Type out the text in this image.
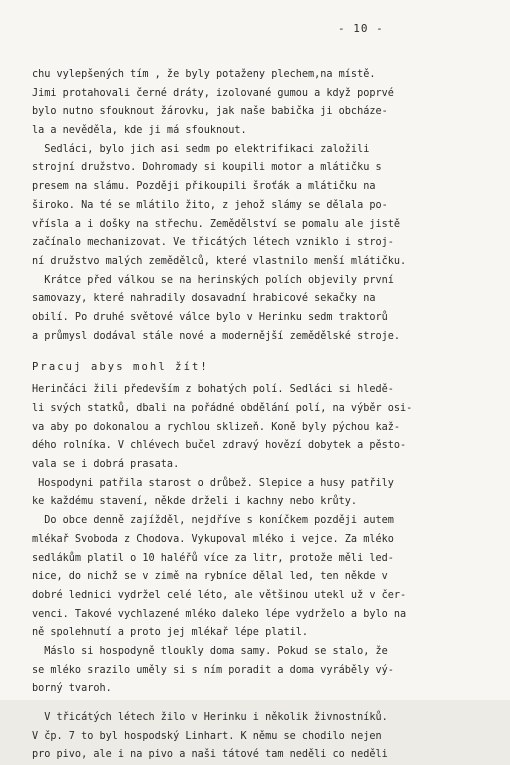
- 10 -
chu vylepšených tím , že byly potaženy plechem,na místě.
Jimi protahovali černé dráty, izolované gumou a když poprvé
bylo nutno sfouknout žárovku, jak naše babička ji obcháze-
la a nevěděla, kde ji má sfouknout.
Sedláci, bylo jich asi sedm po elektrifikaci založili
strojní družstvo. Dohromady si koupili motor a mlátičku s
presem na slámu. Později přikoupili šroťák a mlátičku na
široko. Na té se mlátilo žito, z jehož slámy se dělala po-
vřísla a i došky na střechu. Zemědělství se pomalu ale jistě
začínalo mechanizovat. Ve třicátých létech vzniklo i stroj-
ní družstvo malých zemědělců, které vlastnilo menší mlátičku.
Krátce před válkou se na herinských polích objevily první
samovazy, které nahradily dosavadní hrabicové sekačky na
obilí. Po druhé světové válce bylo v Herinku sedm traktorů
a průmysl dodával stále nové a modernější zemědělské stroje.
Pracuj abys mohl žít!
Herinčáci žili především z bohatých polí. Sedláci si hledě-
li svých statků, dbali na pořádné obdělání polí, na výběr osi-
va aby po dokonalou a rychlou sklizeň. Koně byly pýchou kaž-
dého rolníka. V chlévech bučel zdravý hovězí dobytek a pěsto-
vala se i dobrá prasata.
Hospodyni patřila starost o drůbež. Slepice a husy patřily
ke každému stavení, někde drželi i kachny nebo krůty.
Do obce denně zajížděl, nejdříve s koníčkem později autem
mlékař Svoboda z Chodova. Vykupoval mléko i vejce. Za mléko
sedlákům platil o 10 haléřů více za litr, protože měli led-
nice, do nichž se v zimě na rybníce dělal led, ten někde v
dobré lednici vydržel celé léto, ale většinou utekl už v čer-
venci. Takové vychlazené mléko daleko lépe vydrželo a bylo na
ně spolehnutí a proto jej mlékař lépe platil.
Máslo si hospodyně tloukly doma samy. Pokud se stalo, že
se mléko srazilo uměly si s ním poradit a doma vyráběly vý-
borný tvaroh.
V třicátých létech žilo v Herinku i několik živnostníků.
V čp. 7 to byl hospodský Linhart. K němu se chodilo nejen
pro pivo, ale i na pivo a naši tátové tam neděli co neděli
